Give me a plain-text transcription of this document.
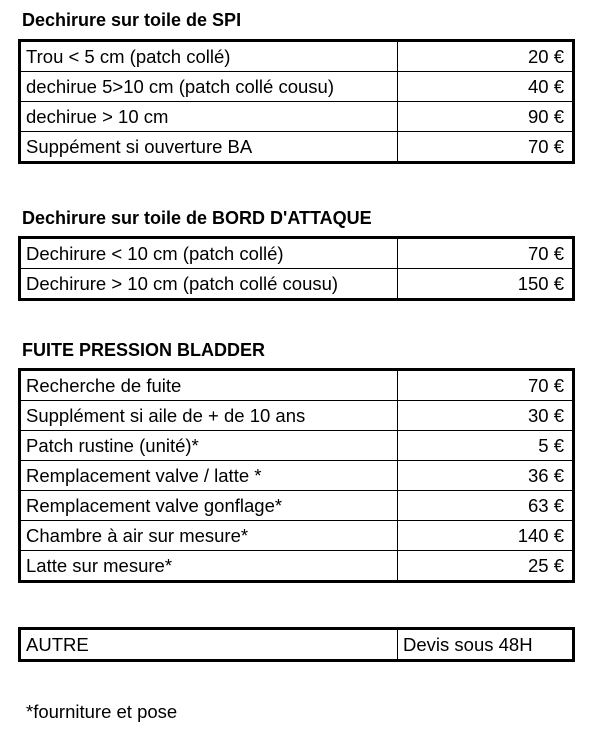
Dechirure sur toile de SPI
Trou < 5 cm (patch collé)	20 €
dechirue 5>10 cm (patch collé cousu)	40 €
dechirue > 10 cm	90 €
Suppément si ouverture BA	70 €
Dechirure sur toile de BORD D'ATTAQUE
Dechirure < 10 cm (patch collé)	70 €
Dechirure > 10 cm (patch collé cousu)	150 €
FUITE PRESSION BLADDER
Recherche de fuite	70 €
Supplément si aile de + de 10 ans	30 €
Patch rustine (unité)*	5 €
Remplacement valve / latte *	36 €
Remplacement valve gonflage*	63 €
Chambre à air sur mesure*	140 €
Latte sur mesure*	25 €
AUTRE	Devis sous 48H
*fourniture et pose
